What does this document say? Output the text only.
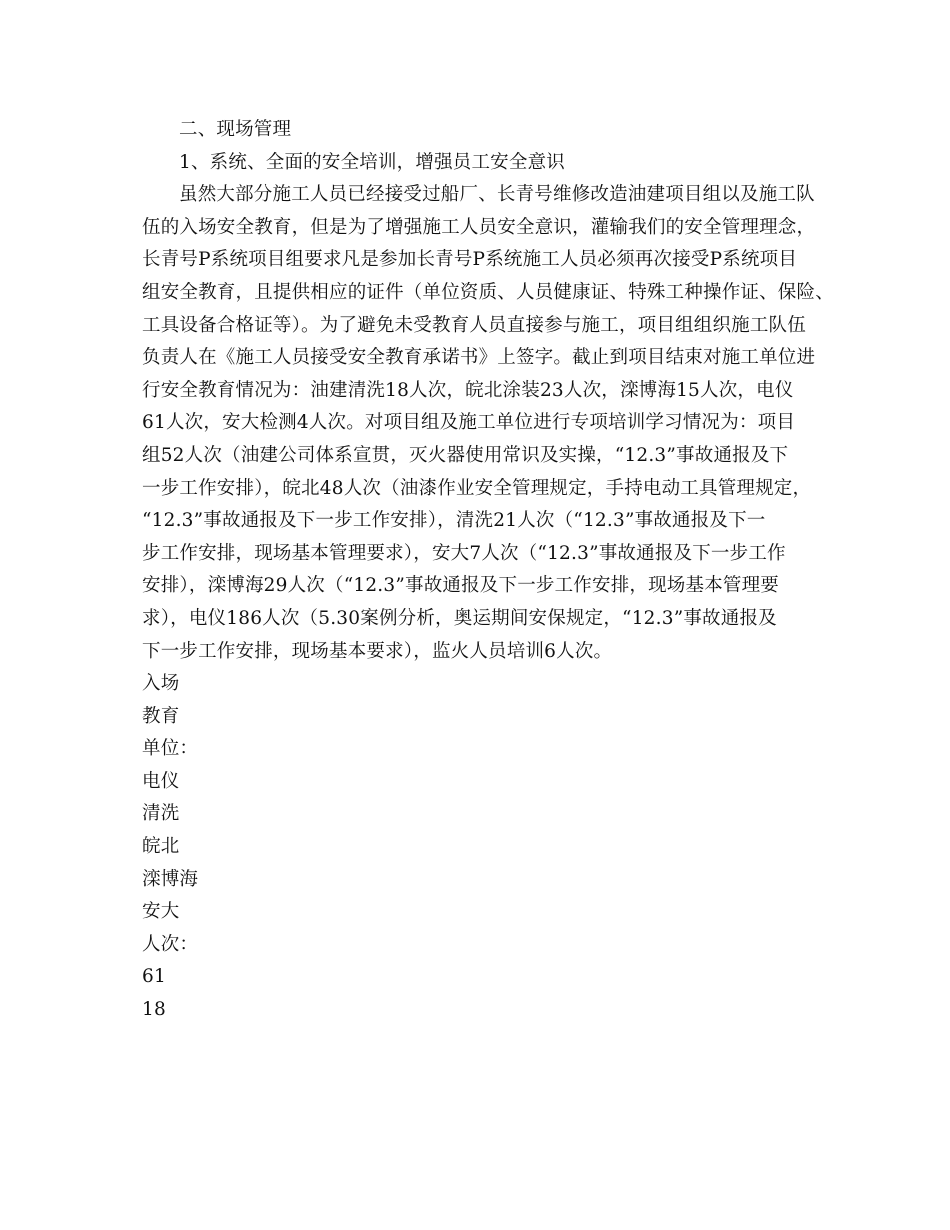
二、现场管理
1、系统、全面的安全培训，增强员工安全意识
虽然大部分施工人员已经接受过船厂、长青号维修改造油建项目组以及施工队
伍的入场安全教育，但是为了增强施工人员安全意识，灌输我们的安全管理理念，
长青号P系统项目组要求凡是参加长青号P系统施工人员必须再次接受P系统项目
组安全教育，且提供相应的证件（单位资质、人员健康证、特殊工种操作证、保险、
工具设备合格证等）。为了避免未受教育人员直接参与施工，项目组组织施工队伍
负责人在《施工人员接受安全教育承诺书》上签字。截止到项目结束对施工单位进
行安全教育情况为：油建清洗18人次，皖北涂装23人次，滦博海15人次，电仪
61人次，安大检测4人次。对项目组及施工单位进行专项培训学习情况为：项目
组52人次（油建公司体系宣贯，灭火器使用常识及实操，“12.3”事故通报及下
一步工作安排），皖北48人次（油漆作业安全管理规定，手持电动工具管理规定，
“12.3”事故通报及下一步工作安排），清洗21人次（“12.3”事故通报及下一
步工作安排，现场基本管理要求），安大7人次（“12.3”事故通报及下一步工作
安排），滦博海29人次（“12.3”事故通报及下一步工作安排，现场基本管理要
求），电仪186人次（5.30案例分析，奥运期间安保规定，“12.3”事故通报及
下一步工作安排，现场基本要求），监火人员培训6人次。
入场
教育
单位：
电仪
清洗
皖北
滦博海
安大
人次：
61
18
